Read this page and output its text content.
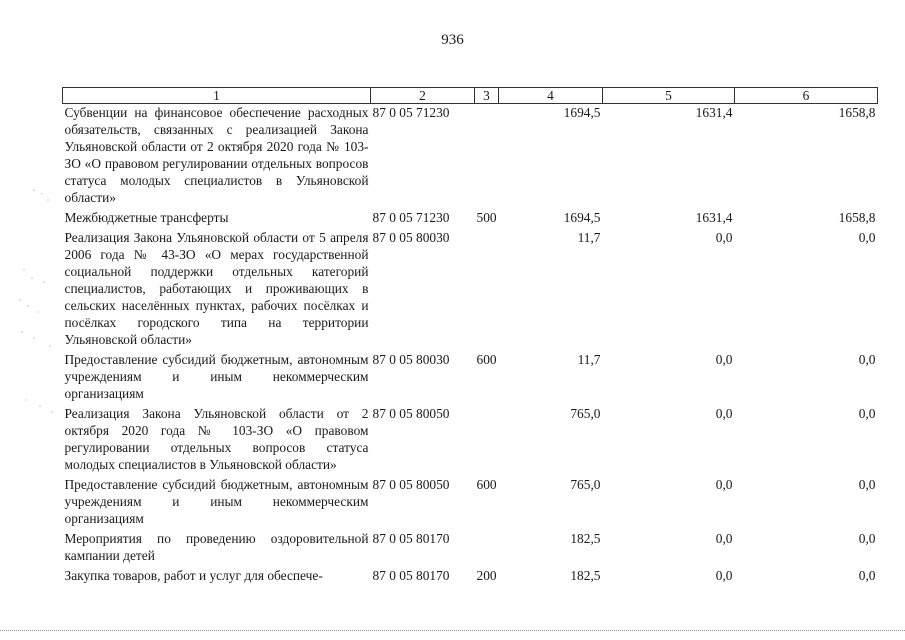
936
1	2	3	4	5	6
Субвенции на финансовое обеспечение расходных обязательств, связанных с реализацией Закона Ульяновской области от 2 октября 2020 года № 103-ЗО «О правовом регулировании отдельных вопросов статуса молодых специалистов в Ульяновской области»	87 0 05 71230		1694,5	1631,4	1658,8
Межбюджетные трансферты	87 0 05 71230	500	1694,5	1631,4	1658,8
Реализация Закона Ульяновской области от 5 апреля 2006 года № 43-ЗО «О мерах государственной социальной поддержки отдельных категорий специалистов, работающих и проживающих в сельских населённых пунктах, рабочих посёлках и посёлках городского типа на территории Ульяновской области»	87 0 05 80030		11,7	0,0	0,0
Предоставление субсидий бюджетным, автономным учреждениям и иным некоммерческим организациям	87 0 05 80030	600	11,7	0,0	0,0
Реализация Закона Ульяновской области от 2 октября 2020 года № 103-ЗО «О правовом регулировании отдельных вопросов статуса молодых специалистов в Ульяновской области»	87 0 05 80050		765,0	0,0	0,0
Предоставление субсидий бюджетным, автономным учреждениям и иным некоммерческим организациям	87 0 05 80050	600	765,0	0,0	0,0
Мероприятия по проведению оздоровительной кампании детей	87 0 05 80170		182,5	0,0	0,0
Закупка товаров, работ и услуг для обеспече-	87 0 05 80170	200	182,5	0,0	0,0
